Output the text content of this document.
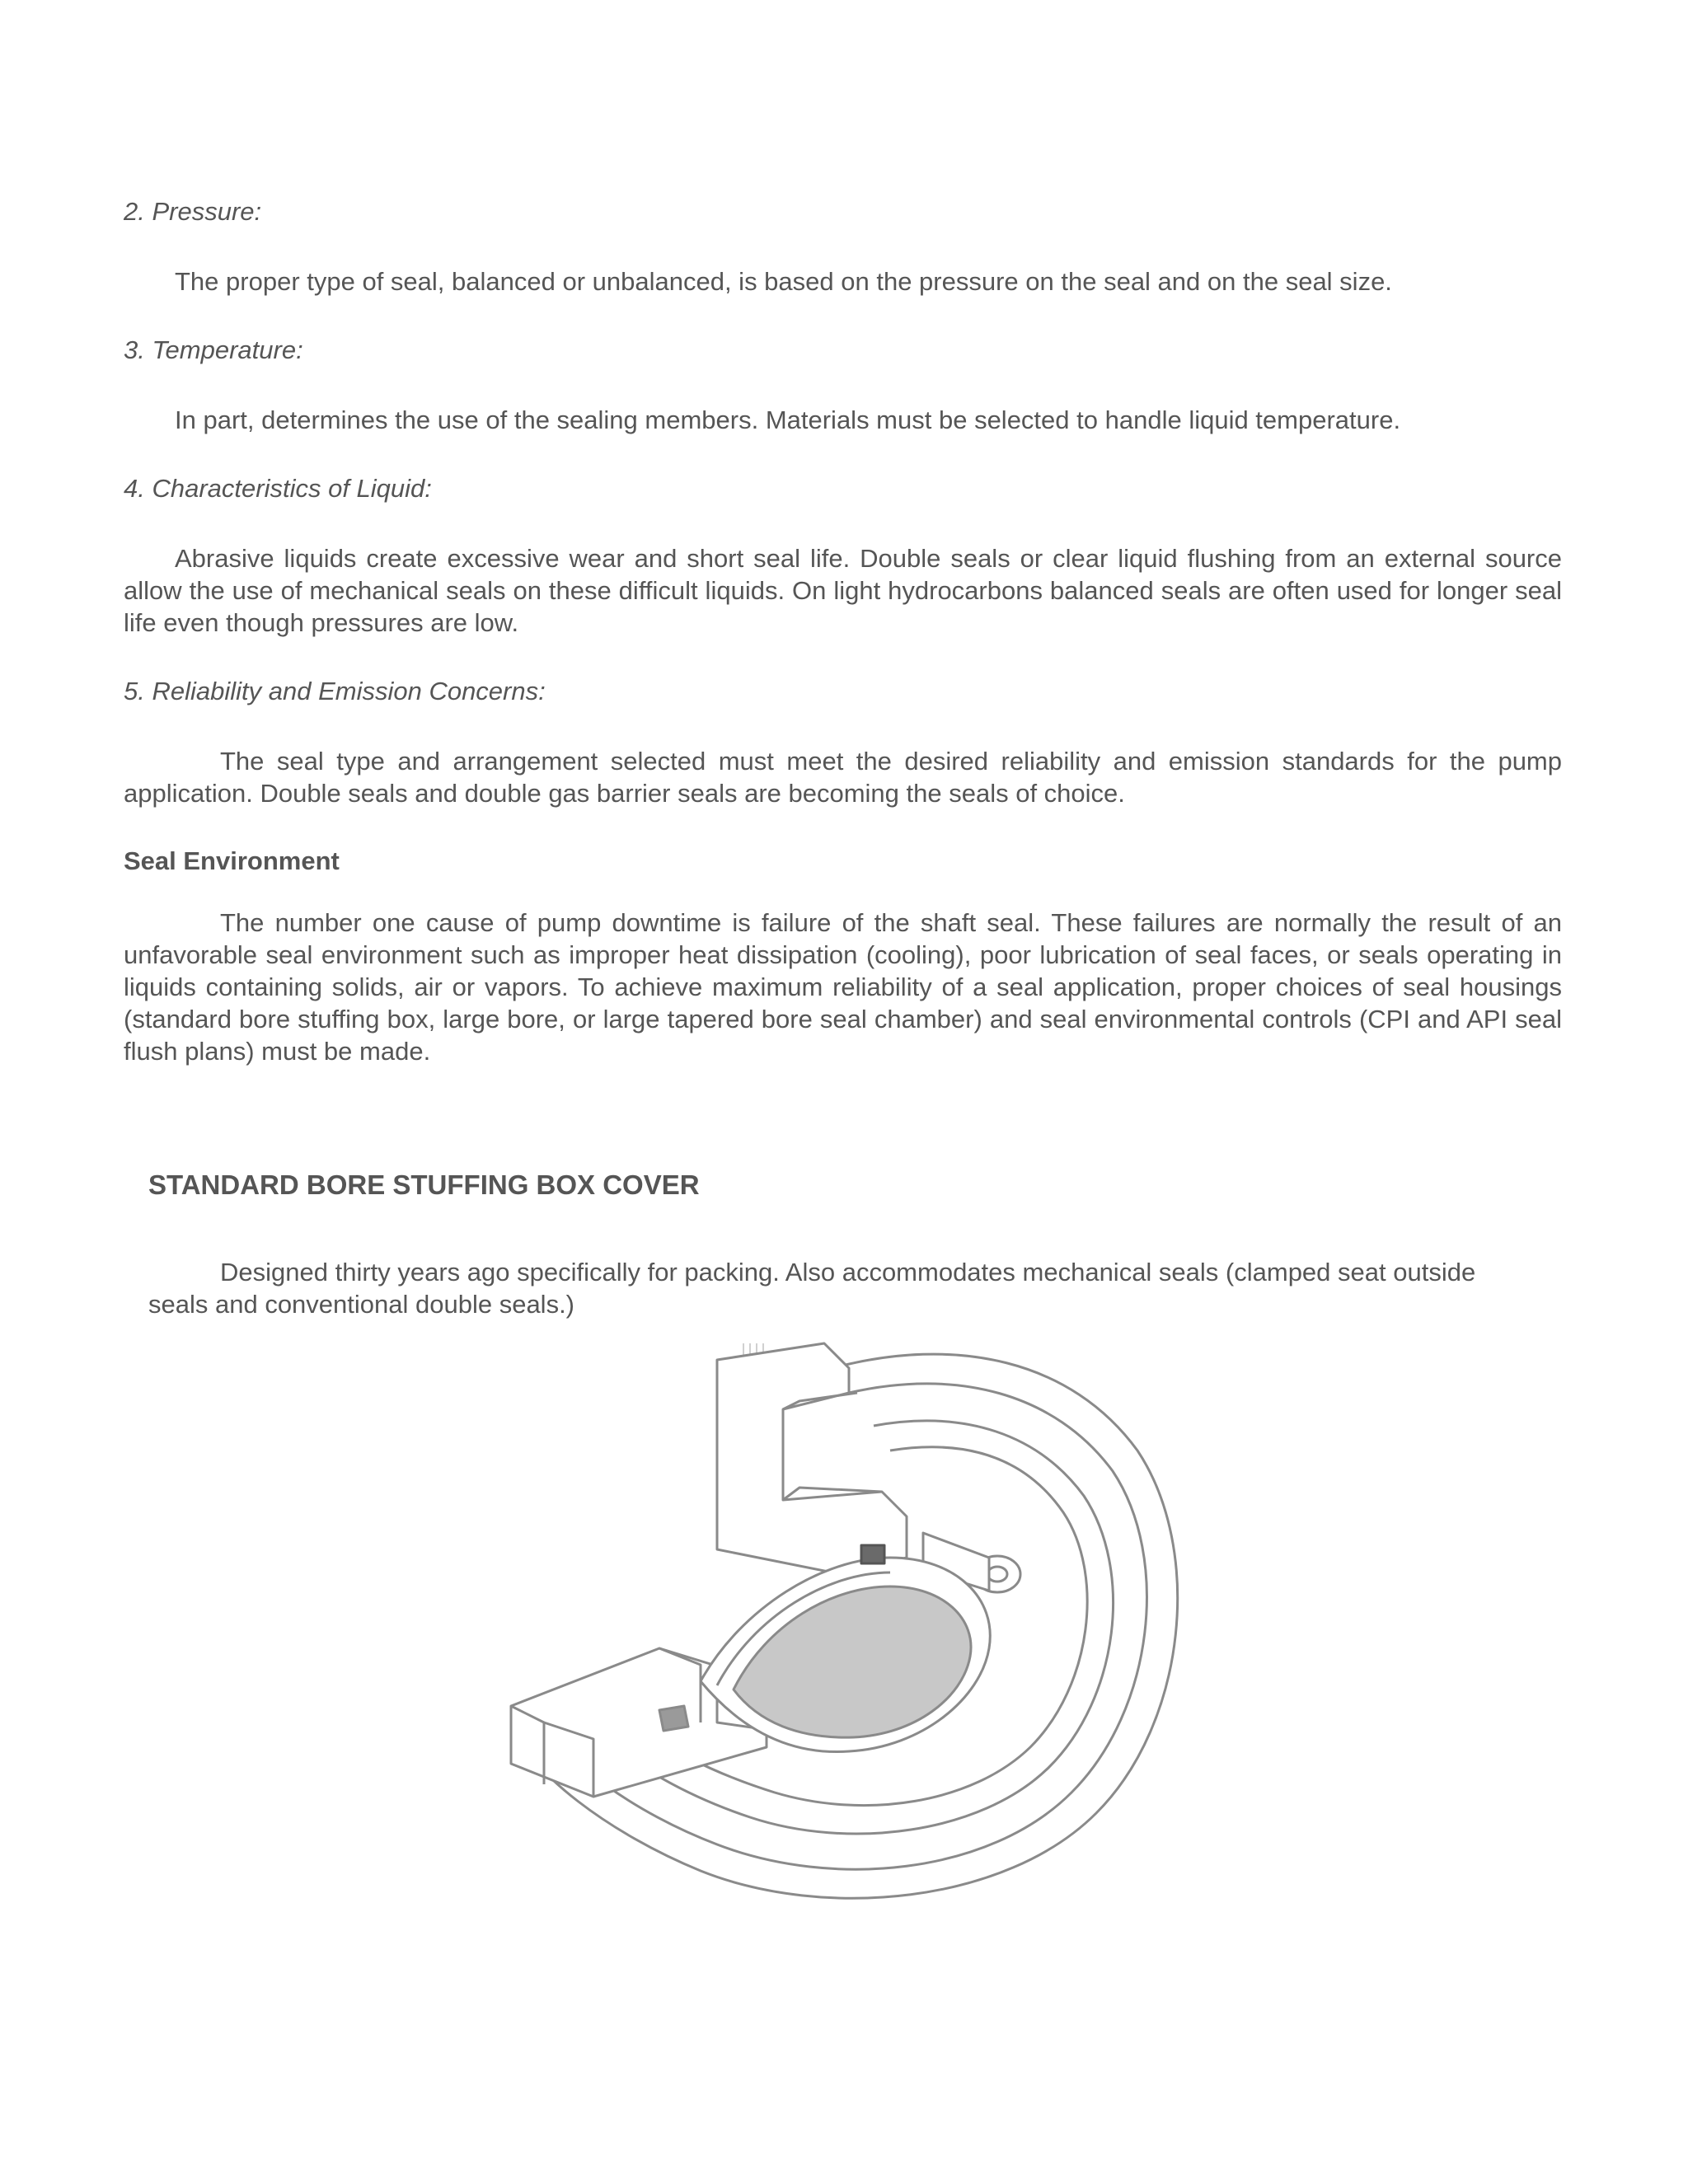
2. Pressure:

The proper type of seal, balanced or unbalanced, is based on the pressure on the seal and on the seal size.

3. Temperature:

In part, determines the use of the sealing members. Materials must be selected to handle liquid temperature.

4. Characteristics of Liquid:

Abrasive liquids create excessive wear and short seal life. Double seals or clear liquid flushing from an external source allow the use of mechanical seals on these difficult liquids. On light hydrocarbons balanced seals are often used for longer seal life even though pressures are low.

5. Reliability and Emission Concerns:

The seal type and arrangement selected must meet the desired reliability and emission standards for the pump application. Double seals and double gas barrier seals are becoming the seals of choice.

Seal Environment

The number one cause of pump downtime is failure of the shaft seal. These failures are normally the result of an unfavorable seal environment such as improper heat dissipation (cooling), poor lubrication of seal faces, or seals operating in liquids containing solids, air or vapors. To achieve maximum reliability of a seal application, proper choices of seal housings (standard bore stuffing box, large bore, or large tapered bore seal chamber) and seal environmental controls (CPI and API seal flush plans) must be made.

STANDARD BORE STUFFING BOX COVER

Designed thirty years ago specifically for packing. Also accommodates mechanical seals (clamped seat outside seals and conventional double seals.)
